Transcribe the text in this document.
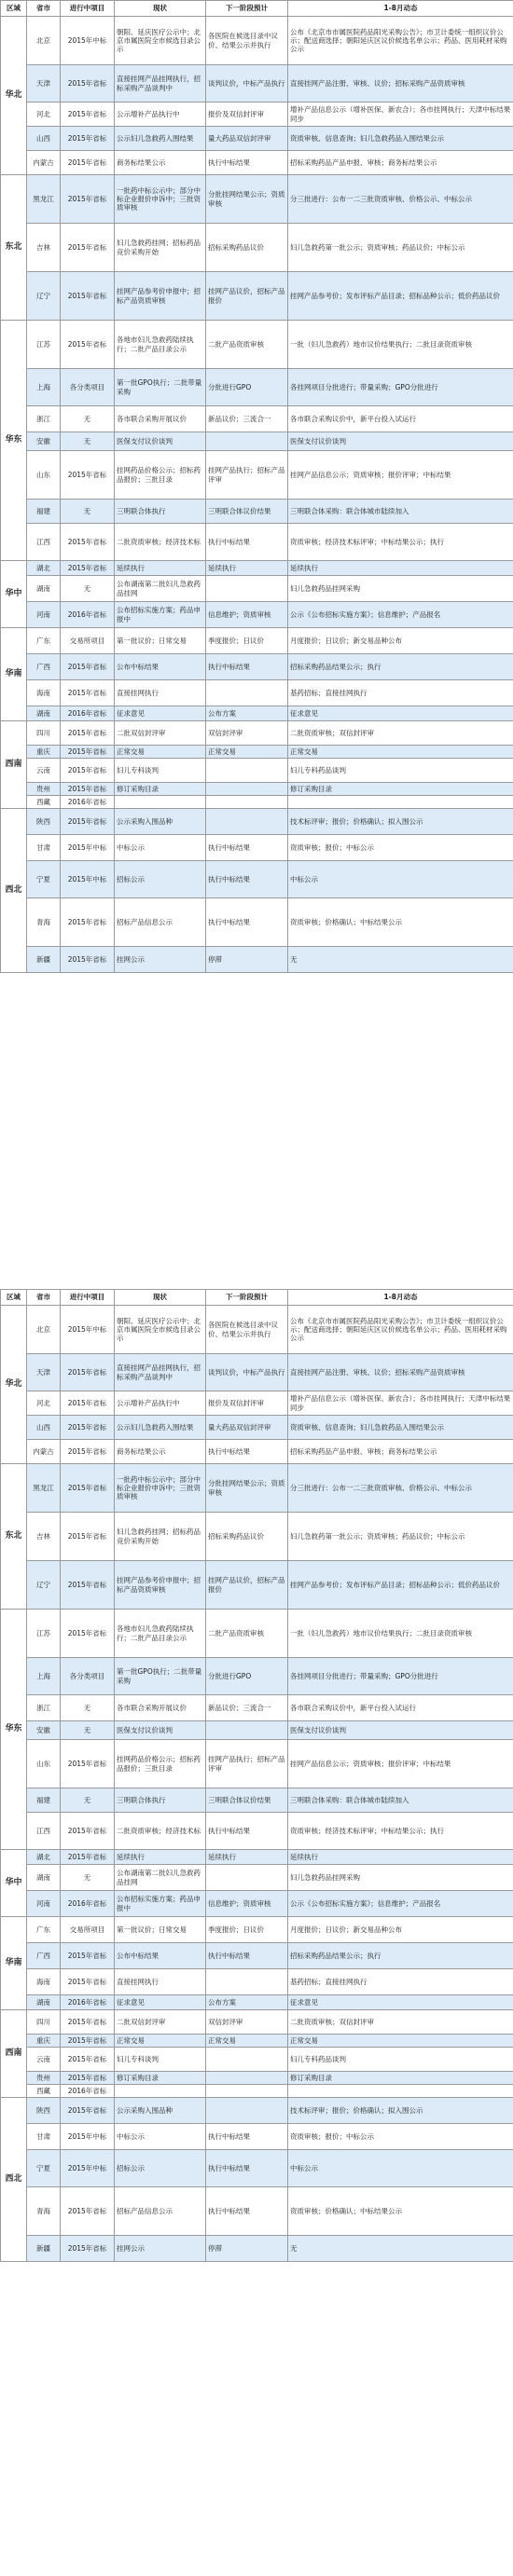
区域	省市	进行中项目	现状	下一阶段预计	1-8月动态
华北	北京	2015年中标	朝阳、延庆医疗公示中；北京市属医院全市候选目录公示	各医院在候选目录中议价、结果公示并执行	公布《北京市市属医院药品阳光采购公告》；市卫计委统一组织议价公示；配送商选择；朝阳延庆区议价候选名单公示；药品、医用耗材采购公示
	天津	2015年省标	直接挂网产品挂网执行，招标采购产品谈判中	谈判议价，中标产品执行	直接挂网产品注册、审核、议价；招标采购产品资质审核
	河北	2015年省标	公示增补产品执行中	报价及双信封评审	增补产品信息公示（增补医保、新农合）；各市挂网执行；天津中标结果同步
	山西	2015年省标	公示妇儿急救药入围结果	量大药品双信封评审	资质审核、信息查询；妇儿急救药品入围结果公示
	内蒙古	2015年省标	商务标结果公示	执行中标结果	招标采购药品产品申报、审核；商务标结果公示
东北	黑龙江	2015年省标	一批药中标公示中；部分中标企业报价申诉中；三批资质审核	分批挂网结果公示；资质审核	分三批进行：公布一二三批资质审核、价格公示、中标公示
	吉林	2015年省标	妇儿急救药挂网；招标药品竞价采购开始	招标采购药品议价	妇儿急救药第一批公示；资质审核；药品议价；中标公示
	辽宁	2015年省标	挂网产品参考价申报中；招标产品资质审核	挂网产品议价，招标产品报价	挂网产品参考价；发布评标产品目录；招标品种公示；低价药品议价
华东	江苏	2015年省标	各地市妇儿急救药陆续执行；二批产品目录公示	二批产品资质审核	一批（妇儿急救药）地市议价结果执行；二批目录资质审核
	上海	各分类项目	第一批GPO执行；二批带量采购	分批进行GPO	各挂网项目分批进行；带量采购；GPO分批进行
	浙江	无	各市联合采购开展议价	新品议价；三流合一	各市联合采购议价中，新平台投入试运行
	安徽	无	医保支付议价谈判		医保支付议价谈判
	山东	2015年省标	挂网药品价格公示；招标药品报价；三批目录	挂网产品执行；招标产品评审	挂网产品信息公示；资质审核；报价评审；中标结果
	福建	无	三明联合体执行	三明联合体议价结果	三明联合体采购：联合体城市陆续加入
	江西	2015年省标	二批资质审核；经济技术标	执行中标结果	资质审核；经济技术标评审；中标结果公示；执行
华中	湖北	2015年省标	延续执行	延续执行	延续执行
	湖南	无	公布湖南第二批妇儿急救药品挂网		妇儿急救药品挂网采购
	河南	2016年省标	公布招标实施方案；药品申报中	信息维护；资质审核	公示《公布招标实施方案》；信息维护；产品报名
华南	广东	交易所项目	第一批议价；日常交易	季度报价；日议价	月度报价；日议价；新交易品种公布
	广西	2015年省标	公布中标结果	执行中标结果	招标采购药品结果公示；执行
	海南	2015年省标	直接挂网执行		基药招标；直接挂网执行
	湖南	2016年省标	征求意见	公布方案	征求意见
西南	四川	2015年省标	二批双信封评审	双信封评审	二批资质审核；双信封评审
	重庆	2015年省标	正常交易	正常交易	正常交易
	云南	2015年省标	妇儿专科谈判		妇儿专科药品谈判
	贵州	2015年省标	修订采购目录		修订采购目录
	西藏	2016年省标			
西北	陕西	2015年省标	公示采购入围品种		技术标评审；报价；价格确认；拟入围公示
	甘肃	2015年中标	中标公示	执行中标结果	资质审核；报价；中标公示
	宁夏	2015年中标	招标公示	执行中标结果	中标公示
	青海	2015年省标	招标产品信息公示	执行中标结果	资质审核；价格确认；中标结果公示
	新疆	2015年省标	挂网公示	停滞	无
区域	省市	进行中项目	现状	下一阶段预计	1-8月动态
华北	北京	2015年中标	朝阳、延庆医疗公示中；北京市属医院全市候选目录公示	各医院在候选目录中议价、结果公示并执行	公布《北京市市属医院药品阳光采购公告》；市卫计委统一组织议价公示；配送商选择；朝阳延庆区议价候选名单公示；药品、医用耗材采购公示
	天津	2015年省标	直接挂网产品挂网执行，招标采购产品谈判中	谈判议价，中标产品执行	直接挂网产品注册、审核、议价；招标采购产品资质审核
	河北	2015年省标	公示增补产品执行中	报价及双信封评审	增补产品信息公示（增补医保、新农合）；各市挂网执行；天津中标结果同步
	山西	2015年省标	公示妇儿急救药入围结果	量大药品双信封评审	资质审核、信息查询；妇儿急救药品入围结果公示
	内蒙古	2015年省标	商务标结果公示	执行中标结果	招标采购药品产品申报、审核；商务标结果公示
东北	黑龙江	2015年省标	一批药中标公示中；部分中标企业报价申诉中；三批资质审核	分批挂网结果公示；资质审核	分三批进行：公布一二三批资质审核、价格公示、中标公示
	吉林	2015年省标	妇儿急救药挂网；招标药品竞价采购开始	招标采购药品议价	妇儿急救药第一批公示；资质审核；药品议价；中标公示
	辽宁	2015年省标	挂网产品参考价申报中；招标产品资质审核	挂网产品议价，招标产品报价	挂网产品参考价；发布评标产品目录；招标品种公示；低价药品议价
华东	江苏	2015年省标	各地市妇儿急救药陆续执行；二批产品目录公示	二批产品资质审核	一批（妇儿急救药）地市议价结果执行；二批目录资质审核
	上海	各分类项目	第一批GPO执行；二批带量采购	分批进行GPO	各挂网项目分批进行；带量采购；GPO分批进行
	浙江	无	各市联合采购开展议价	新品议价；三流合一	各市联合采购议价中，新平台投入试运行
	安徽	无	医保支付议价谈判		医保支付议价谈判
	山东	2015年省标	挂网药品价格公示；招标药品报价；三批目录	挂网产品执行；招标产品评审	挂网产品信息公示；资质审核；报价评审；中标结果
	福建	无	三明联合体执行	三明联合体议价结果	三明联合体采购：联合体城市陆续加入
	江西	2015年省标	二批资质审核；经济技术标	执行中标结果	资质审核；经济技术标评审；中标结果公示；执行
华中	湖北	2015年省标	延续执行	延续执行	延续执行
	湖南	无	公布湖南第二批妇儿急救药品挂网		妇儿急救药品挂网采购
	河南	2016年省标	公布招标实施方案；药品申报中	信息维护；资质审核	公示《公布招标实施方案》；信息维护；产品报名
华南	广东	交易所项目	第一批议价；日常交易	季度报价；日议价	月度报价；日议价；新交易品种公布
	广西	2015年省标	公布中标结果	执行中标结果	招标采购药品结果公示；执行
	海南	2015年省标	直接挂网执行		基药招标；直接挂网执行
	湖南	2016年省标	征求意见	公布方案	征求意见
西南	四川	2015年省标	二批双信封评审	双信封评审	二批资质审核；双信封评审
	重庆	2015年省标	正常交易	正常交易	正常交易
	云南	2015年省标	妇儿专科谈判		妇儿专科药品谈判
	贵州	2015年省标	修订采购目录		修订采购目录
	西藏	2016年省标			
西北	陕西	2015年省标	公示采购入围品种		技术标评审；报价；价格确认；拟入围公示
	甘肃	2015年中标	中标公示	执行中标结果	资质审核；报价；中标公示
	宁夏	2015年中标	招标公示	执行中标结果	中标公示
	青海	2015年省标	招标产品信息公示	执行中标结果	资质审核；价格确认；中标结果公示
	新疆	2015年省标	挂网公示	停滞	无
